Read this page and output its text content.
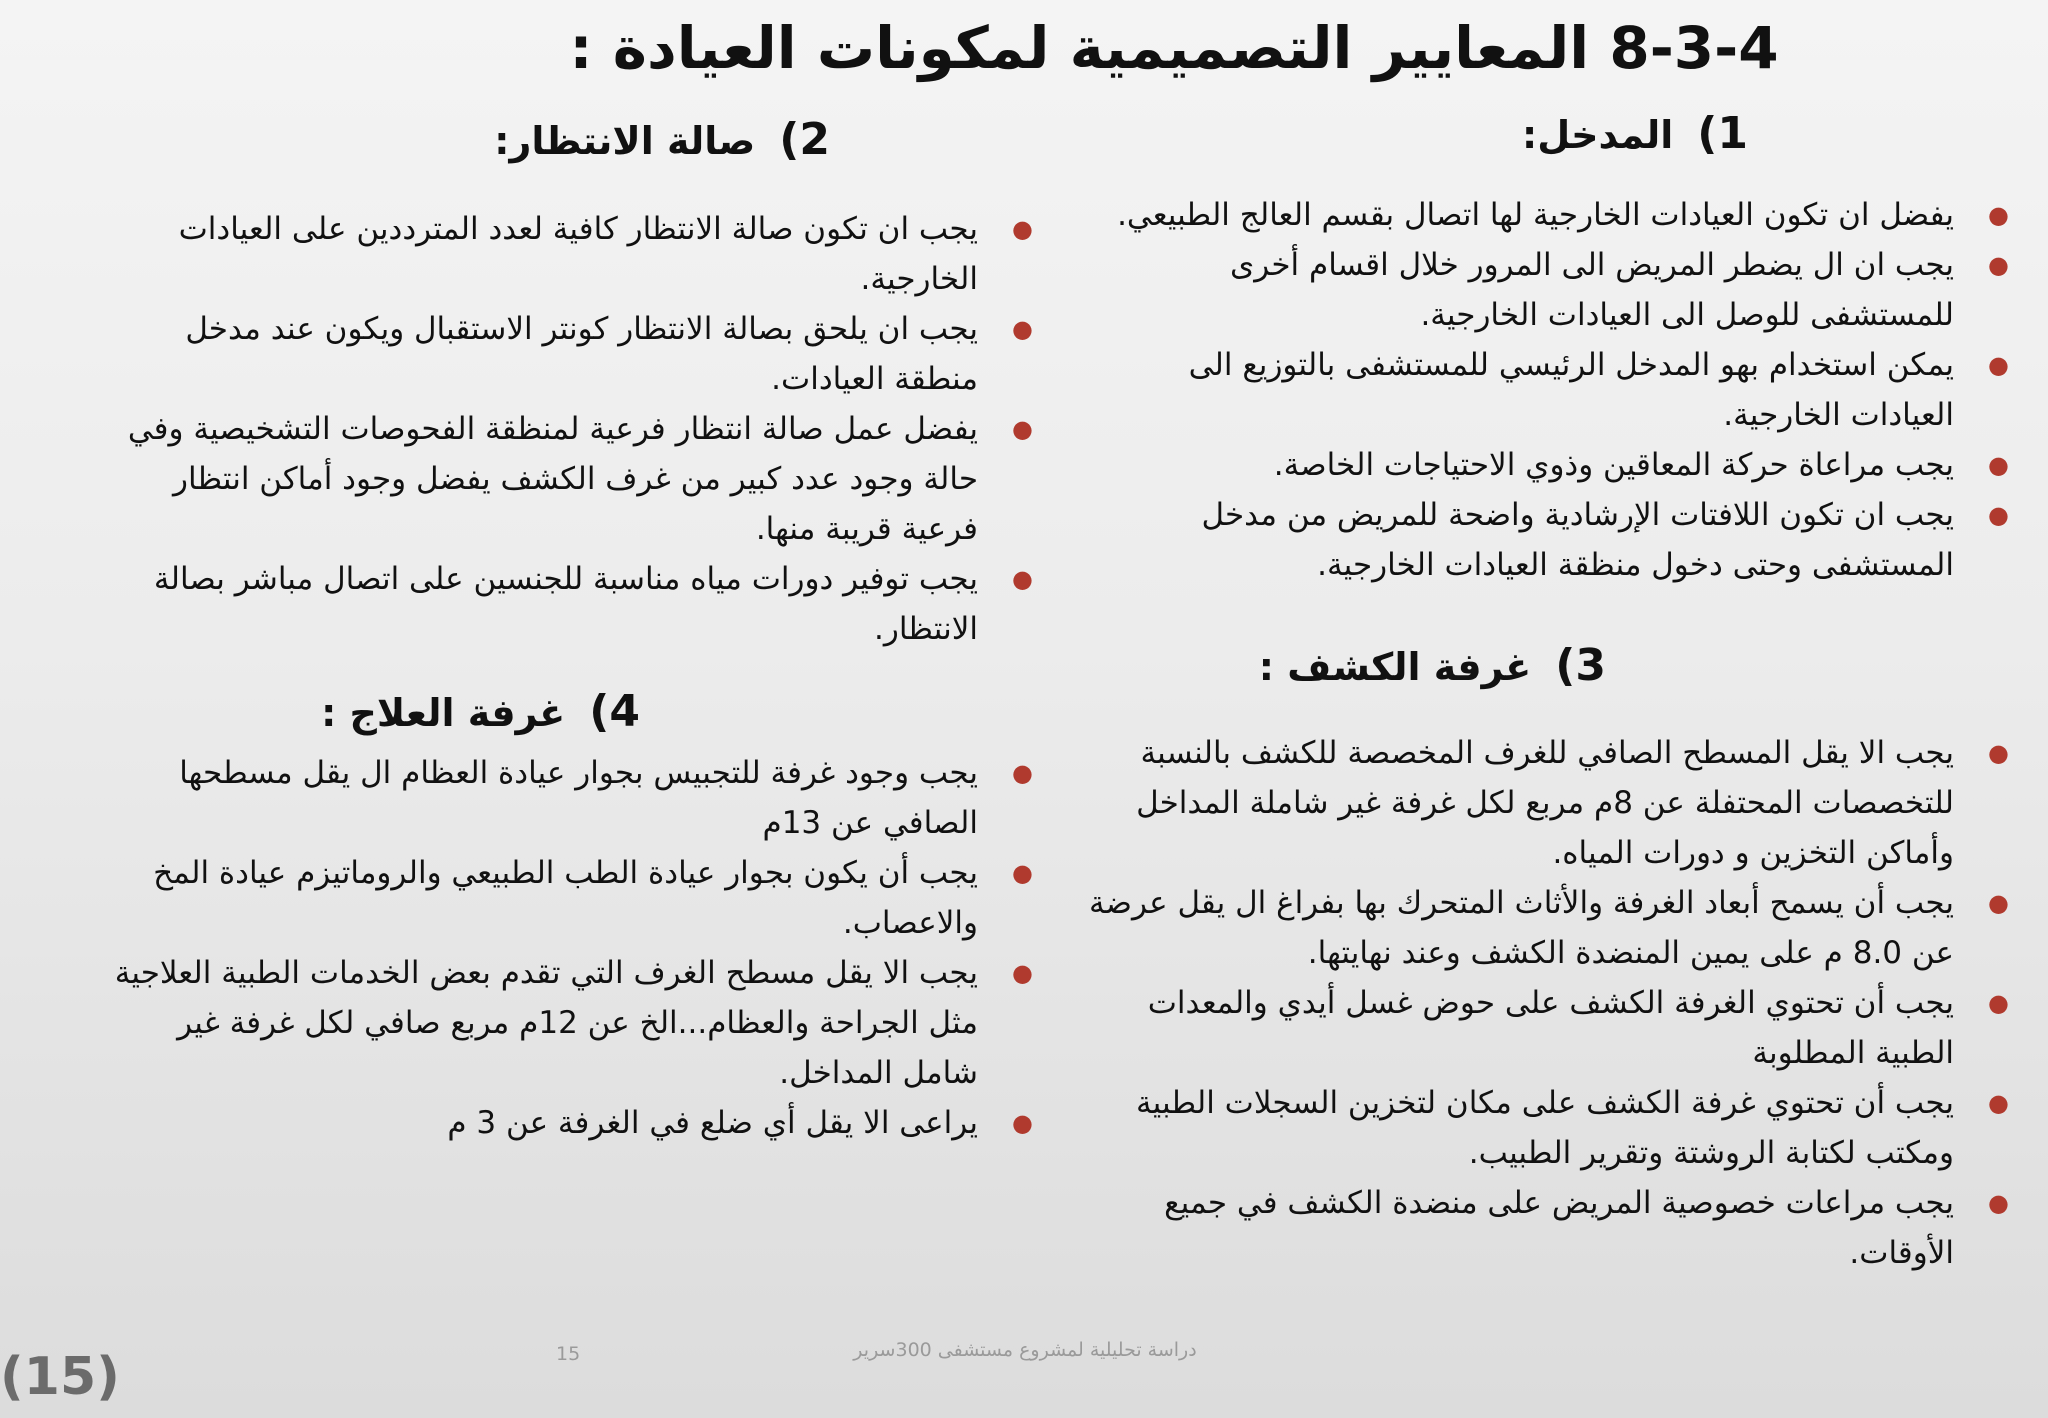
8-3-4 المعايير التصميمية لمكونات العيادة :
1)المدخل:
● يفضل ان تكون العيادات الخارجية لها اتصال بقسم العالج الطبيعي.
● يجب ان ال يضطر المريض الى المرور خلال اقسام أخرى للمستشفى للوصل الى العيادات الخارجية.
● يمكن استخدام بهو المدخل الرئيسي للمستشفى بالتوزيع الى العيادات الخارجية.
● يجب مراعاة حركة المعاقين وذوي الاحتياجات الخاصة.
● يجب ان تكون اللافتات الإرشادية واضحة للمريض من مدخل المستشفى وحتى دخول منظقة العيادات الخارجية.
2)صالة الانتظار:
● يجب ان تكون صالة الانتظار كافية لعدد المترددين على العيادات الخارجية.
● يجب ان يلحق بصالة الانتظار كونتر الاستقبال ويكون عند مدخل منطقة العيادات.
● يفضل عمل صالة انتظار فرعية لمنظقة الفحوصات التشخيصية وفي حالة وجود عدد كبير من غرف الكشف يفضل وجود أماكن انتظار فرعية قريبة منها.
● يجب توفير دورات مياه مناسبة للجنسين على اتصال مباشر بصالة الانتظار.
3)غرفة الكشف :
● يجب الا يقل المسطح الصافي للغرف المخصصة للكشف بالنسبة للتخصصات المحتفلة عن 8م مربع لكل غرفة غير شاملة المداخل وأماكن التخزين و دورات المياه.
● يجب أن يسمح أبعاد الغرفة والأثاث المتحرك بها بفراغ ال يقل عرضة عن 8.0 م على يمين المنضدة الكشف وعند نهايتها.
● يجب أن تحتوي الغرفة الكشف على حوض غسل أيدي والمعدات الطبية المطلوبة
● يجب أن تحتوي غرفة الكشف على مكان لتخزين السجلات الطبية ومكتب لكتابة الروشتة وتقرير الطبيب.
● يجب مراعات خصوصية المريض على منضدة الكشف في جميع الأوقات.
4)غرفة العلاج :
● يجب وجود غرفة للتجبيس بجوار عيادة العظام ال يقل مسطحها الصافي عن 13م
● يجب أن يكون بجوار عيادة الطب الطبيعي والروماتيزم عيادة المخ والاعصاب.
● يجب الا يقل مسطح الغرف التي تقدم بعض الخدمات الطبية العلاجية مثل الجراحة والعظام...الخ عن 12م مربع صافي لكل غرفة غير شامل المداخل.
● يراعى الا يقل أي ضلع في الغرفة عن 3 م
دراسة تحليلية لمشروع مستشفى 300سرير
15
(15)
